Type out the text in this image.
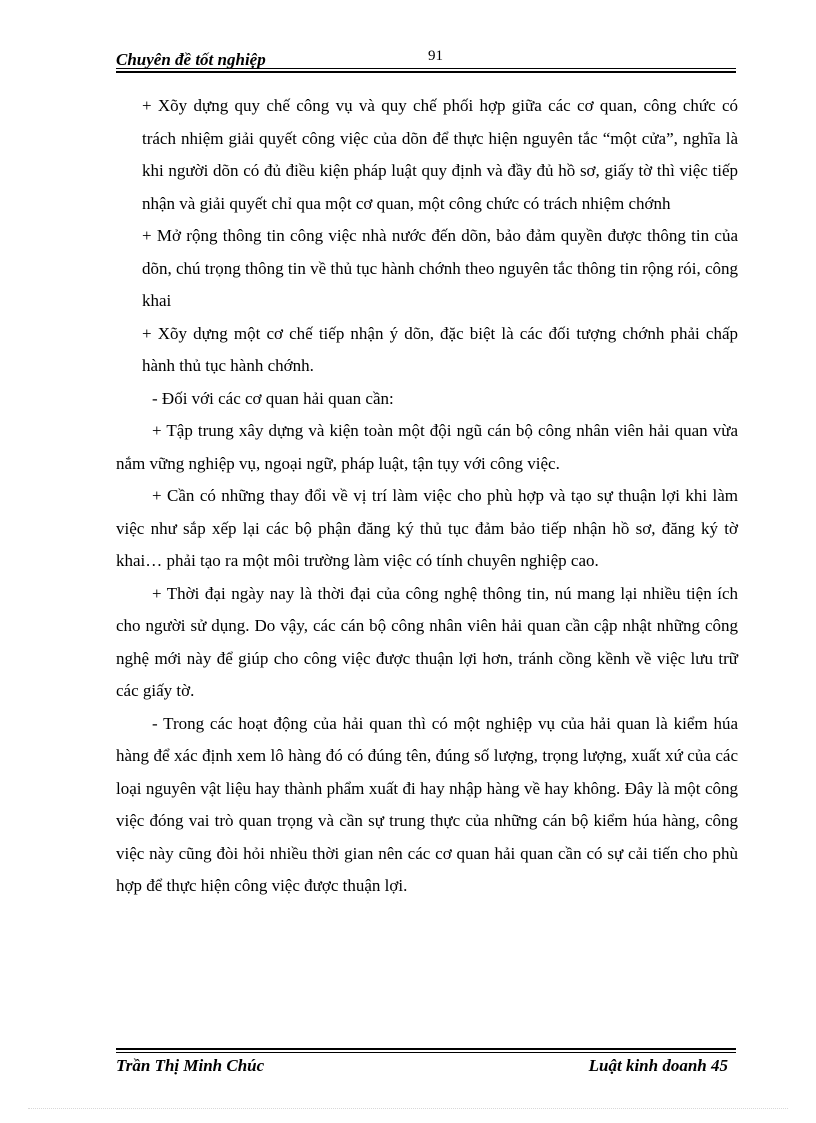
Chuyên đề tốt nghiệp	91

+ Xõy dựng quy chế công vụ và quy chế phối hợp giữa các cơ quan, công chức có trách nhiệm giải quyết công việc của dõn để thực hiện nguyên tắc “một cửa”, nghĩa là khi người dõn có đủ điều kiện pháp luật quy định và đầy đủ hồ sơ, giấy tờ thì việc tiếp nhận và giải quyết chỉ qua một cơ quan, một công chức có trách nhiệm chớnh

+ Mở rộng thông tin công việc nhà nước đến dõn, bảo đảm quyền được thông tin của dõn, chú trọng thông tin về thủ tục hành chớnh theo nguyên tắc thông tin rộng rói, công khai

+ Xõy dựng một cơ chế tiếp nhận ý dõn, đặc biệt là các đối tượng chớnh phải chấp hành thủ tục hành chớnh.

- Đối với các cơ quan hải quan cần:

+ Tập trung xây dựng và kiện toàn một đội ngũ cán bộ công nhân viên hải quan vừa nắm vững nghiệp vụ, ngoại ngữ, pháp luật, tận tụy với công việc.

+ Cần có những thay đổi về vị trí làm việc cho phù hợp và tạo sự thuận lợi khi làm việc như sắp xếp lại các bộ phận đăng ký thủ tục đảm bảo tiếp nhận hồ sơ, đăng ký tờ khai… phải tạo ra một môi trường làm việc có tính chuyên nghiệp cao.

+ Thời đại ngày nay là thời đại của công nghệ thông tin, nú mang lại nhiều tiện ích cho người sử dụng. Do vậy, các cán bộ công nhân viên hải quan cần cập nhật những công nghệ mới này để giúp cho công việc được thuận lợi hơn, tránh cồng kềnh về việc lưu trữ các giấy tờ.

- Trong các hoạt động của hải quan thì có một nghiệp vụ của hải quan là kiểm húa hàng để xác định xem lô hàng đó có đúng tên, đúng số lượng, trọng lượng, xuất xứ của các loại nguyên vật liệu hay thành phẩm xuất đi hay nhập hàng về hay không. Đây là một công việc đóng vai trò quan trọng và cần sự trung thực của những cán bộ kiểm húa hàng, công việc này cũng đòi hỏi nhiều thời gian nên các cơ quan hải quan cần có sự cải tiến cho phù hợp để thực hiện công việc được thuận lợi.

Trần Thị Minh Chúc	Luật kinh doanh 45
